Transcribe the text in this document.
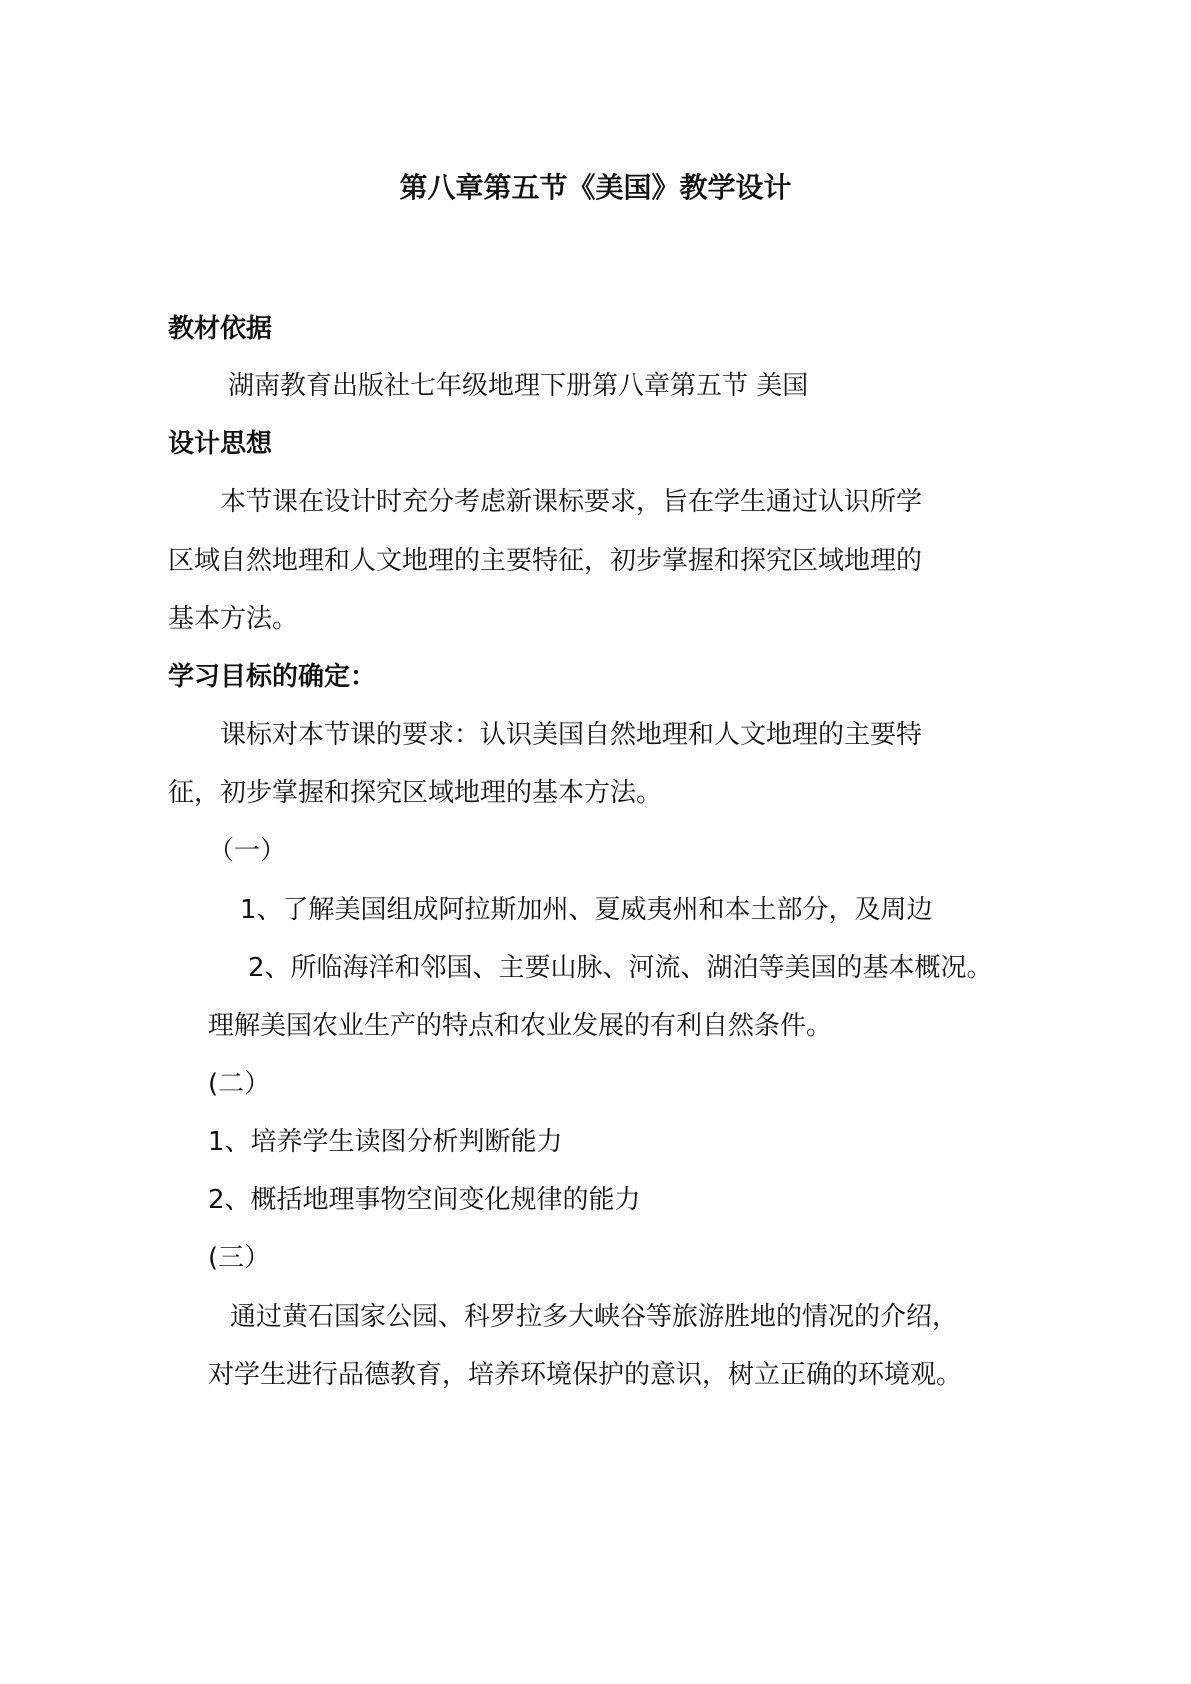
第八章第五节《美国》教学设计
教材依据
湖南教育出版社七年级地理下册第八章第五节 美国
设计思想
本节课在设计时充分考虑新课标要求，旨在学生通过认识所学
区域自然地理和人文地理的主要特征，初步掌握和探究区域地理的
基本方法。
学习目标的确定：
课标对本节课的要求：认识美国自然地理和人文地理的主要特
征，初步掌握和探究区域地理的基本方法。
（一）
1、了解美国组成阿拉斯加州、夏威夷州和本土部分，及周边
2、所临海洋和邻国、主要山脉、河流、湖泊等美国的基本概况。
理解美国农业生产的特点和农业发展的有利自然条件。
(二）
1、培养学生读图分析判断能力
2、概括地理事物空间变化规律的能力
(三）
通过黄石国家公园、科罗拉多大峡谷等旅游胜地的情况的介绍，
对学生进行品德教育，培养环境保护的意识，树立正确的环境观。
